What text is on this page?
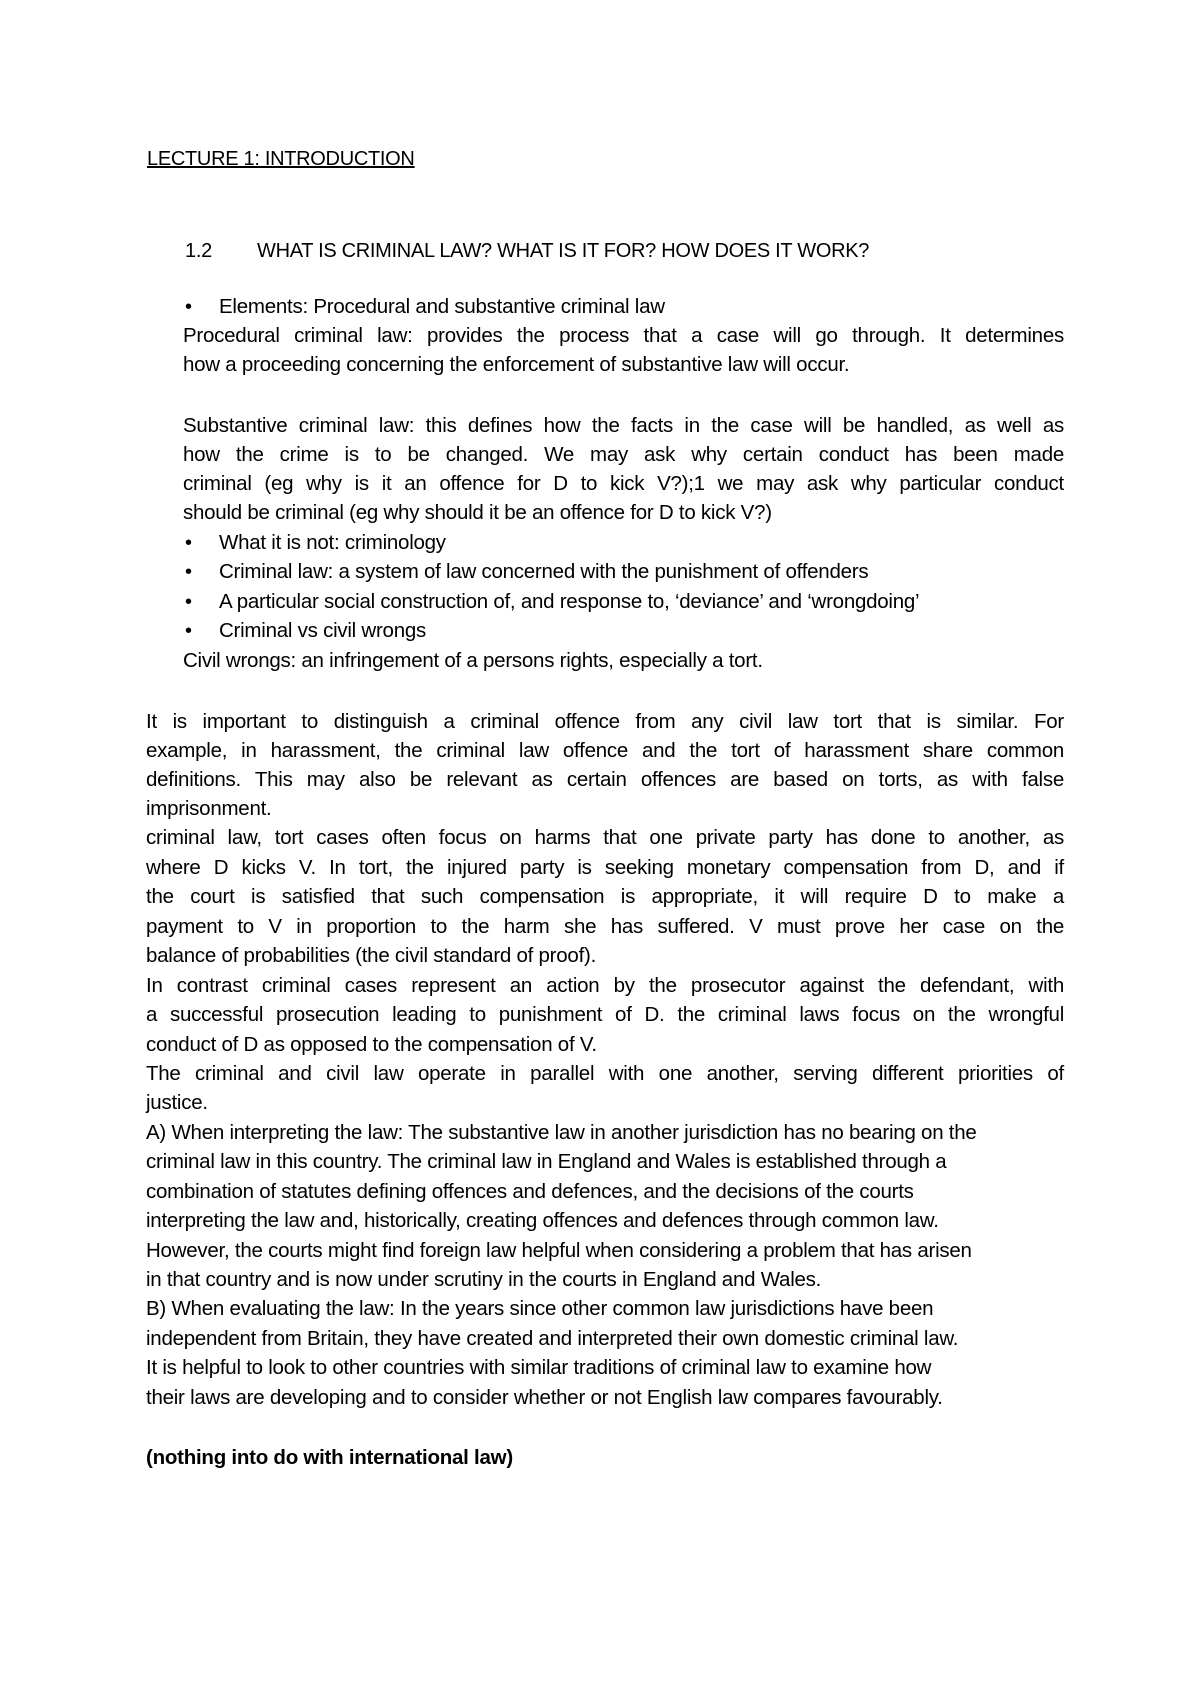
LECTURE 1: INTRODUCTION
1.2 WHAT IS CRIMINAL LAW? WHAT IS IT FOR? HOW DOES IT WORK?
• Elements: Procedural and substantive criminal law
Procedural criminal law: provides the process that a case will go through. It determines
how a proceeding concerning the enforcement of substantive law will occur.
Substantive criminal law: this defines how the facts in the case will be handled, as well as
how the crime is to be changed. We may ask why certain conduct has been made
criminal (eg why is it an offence for D to kick V?);1 we may ask why particular conduct
should be criminal (eg why should it be an offence for D to kick V?)
• What it is not: criminology
• Criminal law: a system of law concerned with the punishment of offenders
• A particular social construction of, and response to, ‘deviance’ and ‘wrongdoing’
• Criminal vs civil wrongs
Civil wrongs: an infringement of a persons rights, especially a tort.
It is important to distinguish a criminal offence from any civil law tort that is similar. For
example, in harassment, the criminal law offence and the tort of harassment share common
definitions. This may also be relevant as certain offences are based on torts, as with false
imprisonment.
criminal law, tort cases often focus on harms that one private party has done to another, as
where D kicks V. In tort, the injured party is seeking monetary compensation from D, and if
the court is satisfied that such compensation is appropriate, it will require D to make a
payment to V in proportion to the harm she has suffered. V must prove her case on the
balance of probabilities (the civil standard of proof).
In contrast criminal cases represent an action by the prosecutor against the defendant, with
a successful prosecution leading to punishment of D. the criminal laws focus on the wrongful
conduct of D as opposed to the compensation of V.
The criminal and civil law operate in parallel with one another, serving different priorities of
justice.
A) When interpreting the law: The substantive law in another jurisdiction has no bearing on the
criminal law in this country. The criminal law in England and Wales is established through a
combination of statutes defining offences and defences, and the decisions of the courts
interpreting the law and, historically, creating offences and defences through common law.
However, the courts might find foreign law helpful when considering a problem that has arisen
in that country and is now under scrutiny in the courts in England and Wales.
B) When evaluating the law: In the years since other common law jurisdictions have been
independent from Britain, they have created and interpreted their own domestic criminal law.
It is helpful to look to other countries with similar traditions of criminal law to examine how
their laws are developing and to consider whether or not English law compares favourably.
(nothing into do with international law)
